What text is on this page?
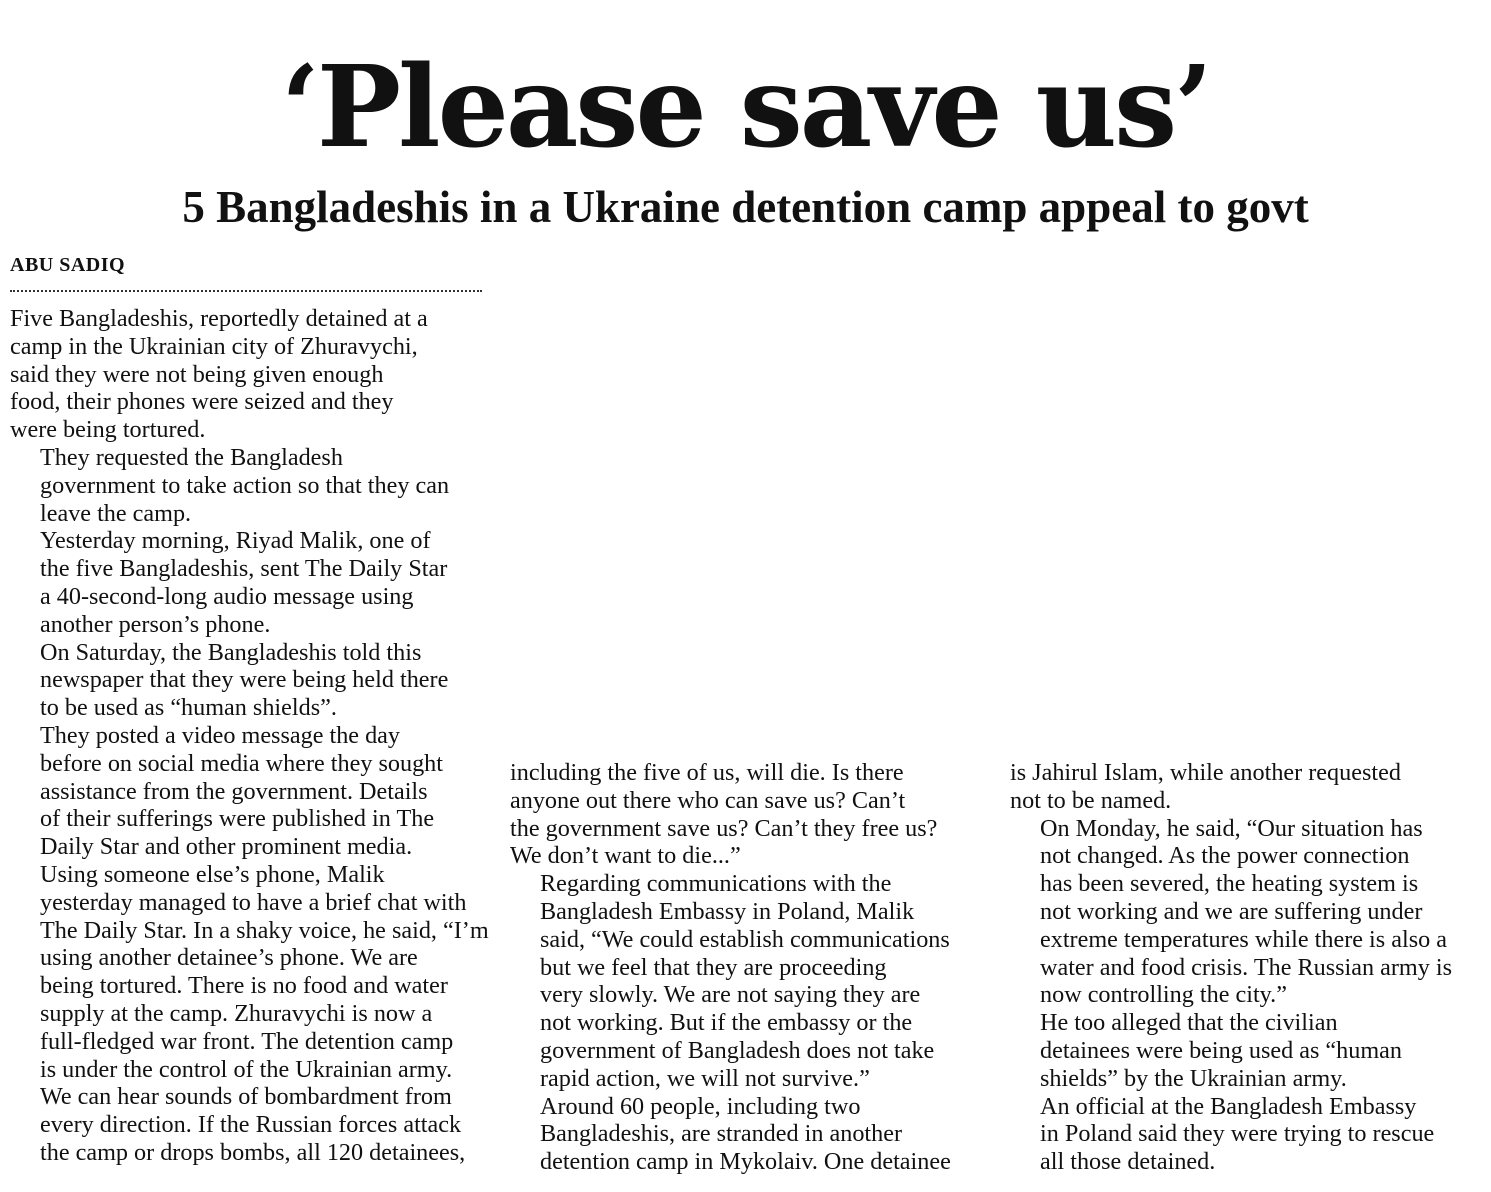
‘Please save us’
5 Bangladeshis in a Ukraine detention camp appeal to govt
ABU SADIQ

Five Bangladeshis, reportedly detained at a
camp in the Ukrainian city of Zhuravychi,
said they were not being given enough
food, their phones were seized and they
were being tortured.

They requested the Bangladesh
government to take action so that they can
leave the camp.

Yesterday morning, Riyad Malik, one of
the five Bangladeshis, sent The Daily Star
a 40-second-long audio message using
another person’s phone.

On Saturday, the Bangladeshis told this
newspaper that they were being held there
to be used as “human shields”.

They posted a video message the day
before on social media where they sought
assistance from the government. Details
of their sufferings were published in The
Daily Star and other prominent media.

Using someone else’s phone, Malik
yesterday managed to have a brief chat with
The Daily Star. In a shaky voice, he said, “I’m
using another detainee’s phone. We are
being tortured. There is no food and water
supply at the camp. Zhuravychi is now a
full-fledged war front. The detention camp
is under the control of the Ukrainian army.
We can hear sounds of bombardment from
every direction. If the Russian forces attack
the camp or drops bombs, all 120 detainees,

including the five of us, will die. Is there
anyone out there who can save us? Can’t
the government save us? Can’t they free us?
We don’t want to die...”

Regarding communications with the
Bangladesh Embassy in Poland, Malik
said, “We could establish communications
but we feel that they are proceeding
very slowly. We are not saying they are
not working. But if the embassy or the
government of Bangladesh does not take
rapid action, we will not survive.”

Around 60 people, including two
Bangladeshis, are stranded in another
detention camp in Mykolaiv. One detainee

is Jahirul Islam, while another requested
not to be named.

On Monday, he said, “Our situation has
not changed. As the power connection
has been severed, the heating system is
not working and we are suffering under
extreme temperatures while there is also a
water and food crisis. The Russian army is
now controlling the city.”

He too alleged that the civilian
detainees were being used as “human
shields” by the Ukrainian army.

An official at the Bangladesh Embassy
in Poland said they were trying to rescue
all those detained.
